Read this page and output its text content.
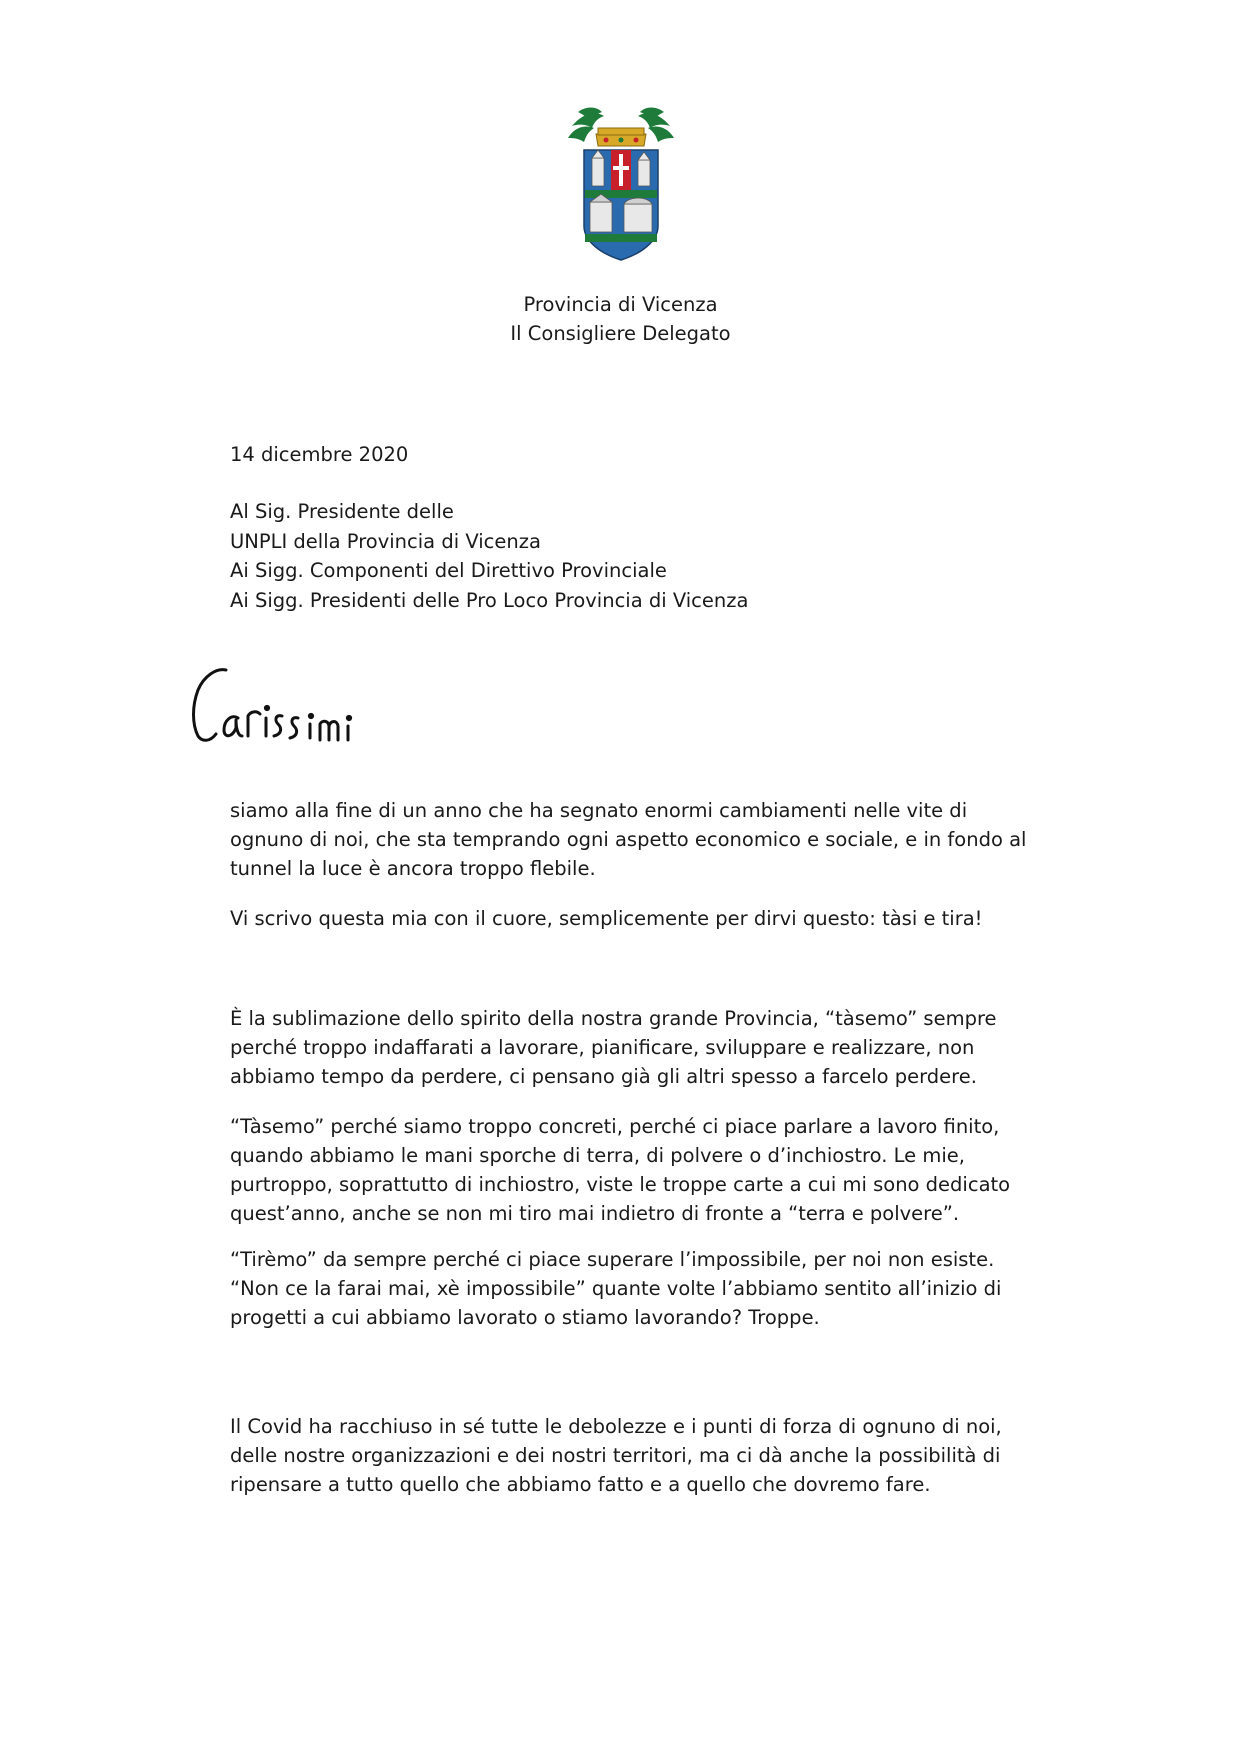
Provincia di Vicenza
Il Consigliere Delegato
14 dicembre 2020
Al Sig. Presidente delle
UNPLI della Provincia di Vicenza
Ai Sigg. Componenti del Direttivo Provinciale
Ai Sigg. Presidenti delle Pro Loco Provincia di Vicenza
siamo alla fine di un anno che ha segnato enormi cambiamenti nelle vite di
ognuno di noi, che sta temprando ogni aspetto economico e sociale, e in fondo al
tunnel la luce è ancora troppo flebile.
Vi scrivo questa mia con il cuore, semplicemente per dirvi questo: tàsi e tira!
È la sublimazione dello spirito della nostra grande Provincia, “tàsemo” sempre
perché troppo indaffarati a lavorare, pianificare, sviluppare e realizzare, non
abbiamo tempo da perdere, ci pensano già gli altri spesso a farcelo perdere.
“Tàsemo” perché siamo troppo concreti, perché ci piace parlare a lavoro finito,
quando abbiamo le mani sporche di terra, di polvere o d’inchiostro. Le mie,
purtroppo, soprattutto di inchiostro, viste le troppe carte a cui mi sono dedicato
quest’anno, anche se non mi tiro mai indietro di fronte a “terra e polvere”.
“Tirèmo” da sempre perché ci piace superare l’impossibile, per noi non esiste.
“Non ce la farai mai, xè impossibile” quante volte l’abbiamo sentito all’inizio di
progetti a cui abbiamo lavorato o stiamo lavorando? Troppe.
Il Covid ha racchiuso in sé tutte le debolezze e i punti di forza di ognuno di noi,
delle nostre organizzazioni e dei nostri territori, ma ci dà anche la possibilità di
ripensare a tutto quello che abbiamo fatto e a quello che dovremo fare.
